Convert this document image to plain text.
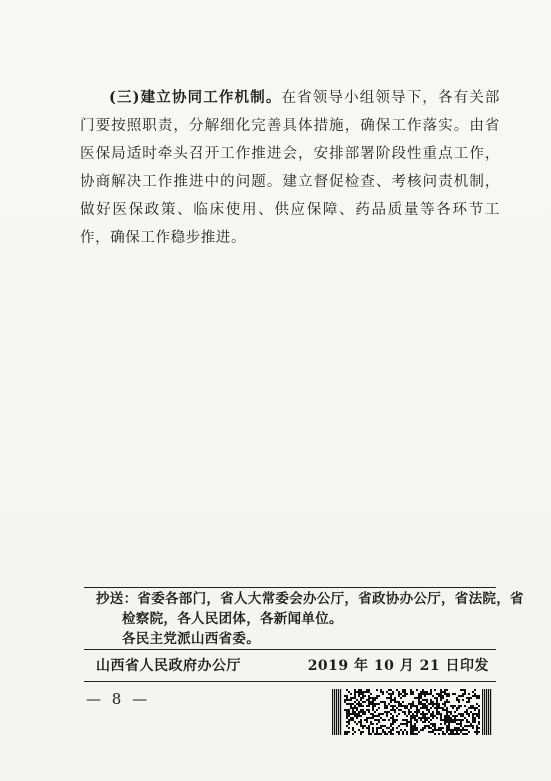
(三)建立协同工作机制。在省领导小组领导下，各有关部门要按照职责，分解细化完善具体措施，确保工作落实。由省医保局适时牵头召开工作推进会，安排部署阶段性重点工作，协商解决工作推进中的问题。建立督促检查、考核问责机制，做好医保政策、临床使用、供应保障、药品质量等各环节工作，确保工作稳步推进。

抄送：省委各部门，省人大常委会办公厅，省政协办公厅，省法院，省
检察院，各人民团体，各新闻单位。
各民主党派山西省委。
山西省人民政府办公厅	2019 年 10 月 21 日印发
— 8 —
